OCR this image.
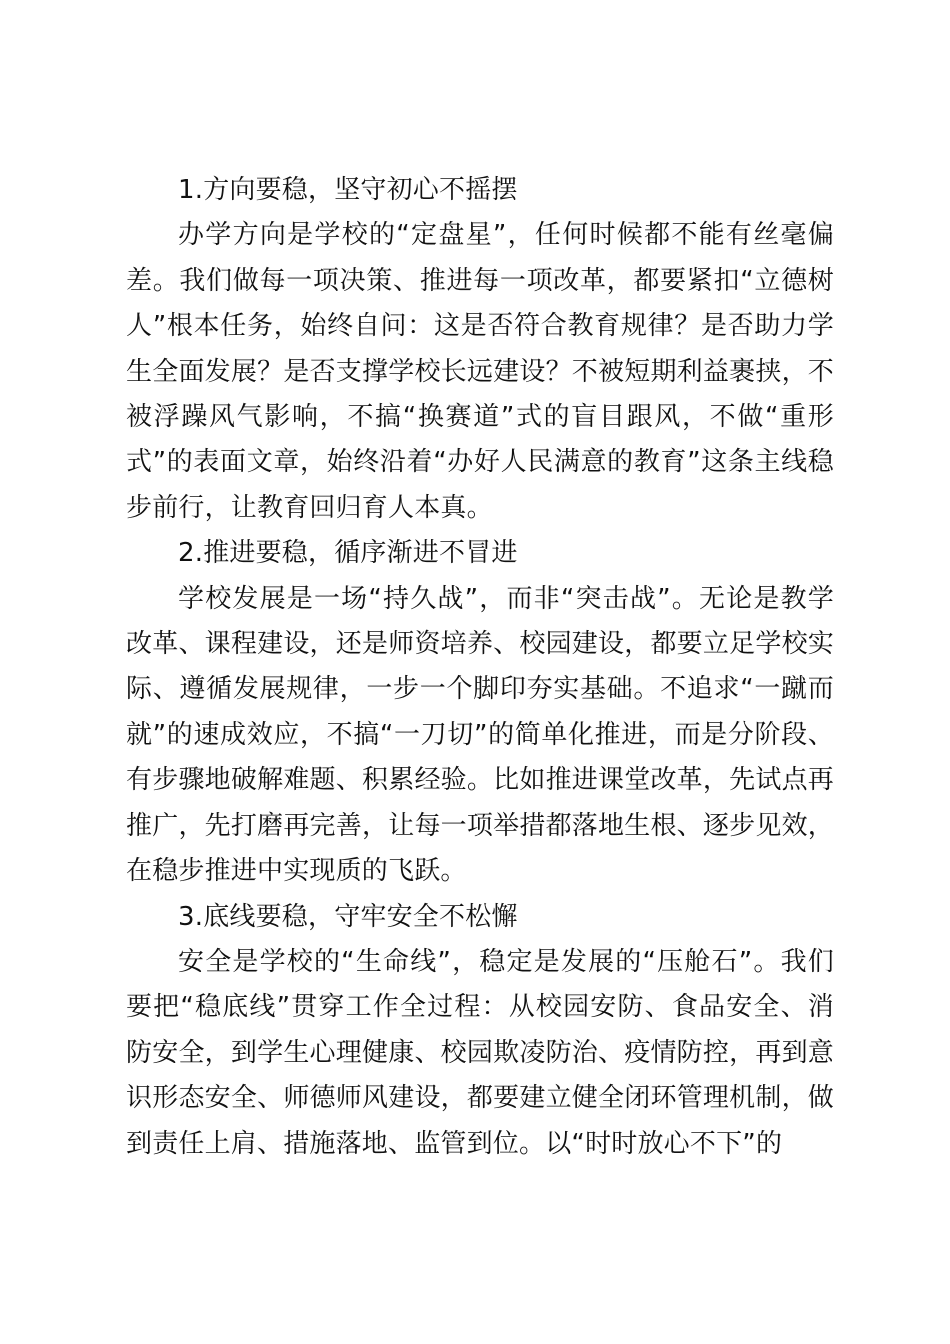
1.方向要稳，坚守初心不摇摆

办学方向是学校的“定盘星”，任何时候都不能有丝毫偏差。我们做每一项决策、推进每一项改革，都要紧扣“立德树人”根本任务，始终自问：这是否符合教育规律？是否助力学生全面发展？是否支撑学校长远建设？不被短期利益裹挟，不被浮躁风气影响，不搞“换赛道”式的盲目跟风，不做“重形式”的表面文章，始终沿着“办好人民满意的教育”这条主线稳步前行，让教育回归育人本真。

2.推进要稳，循序渐进不冒进

学校发展是一场“持久战”，而非“突击战”。无论是教学改革、课程建设，还是师资培养、校园建设，都要立足学校实际、遵循发展规律，一步一个脚印夯实基础。不追求“一蹴而就”的速成效应，不搞“一刀切”的简单化推进，而是分阶段、有步骤地破解难题、积累经验。比如推进课堂改革，先试点再推广，先打磨再完善，让每一项举措都落地生根、逐步见效，在稳步推进中实现质的飞跃。

3.底线要稳，守牢安全不松懈

安全是学校的“生命线”，稳定是发展的“压舱石”。我们要把“稳底线”贯穿工作全过程：从校园安防、食品安全、消防安全，到学生心理健康、校园欺凌防治、疫情防控，再到意识形态安全、师德师风建设，都要建立健全闭环管理机制，做到责任上肩、措施落地、监管到位。以“时时放心不下”的
